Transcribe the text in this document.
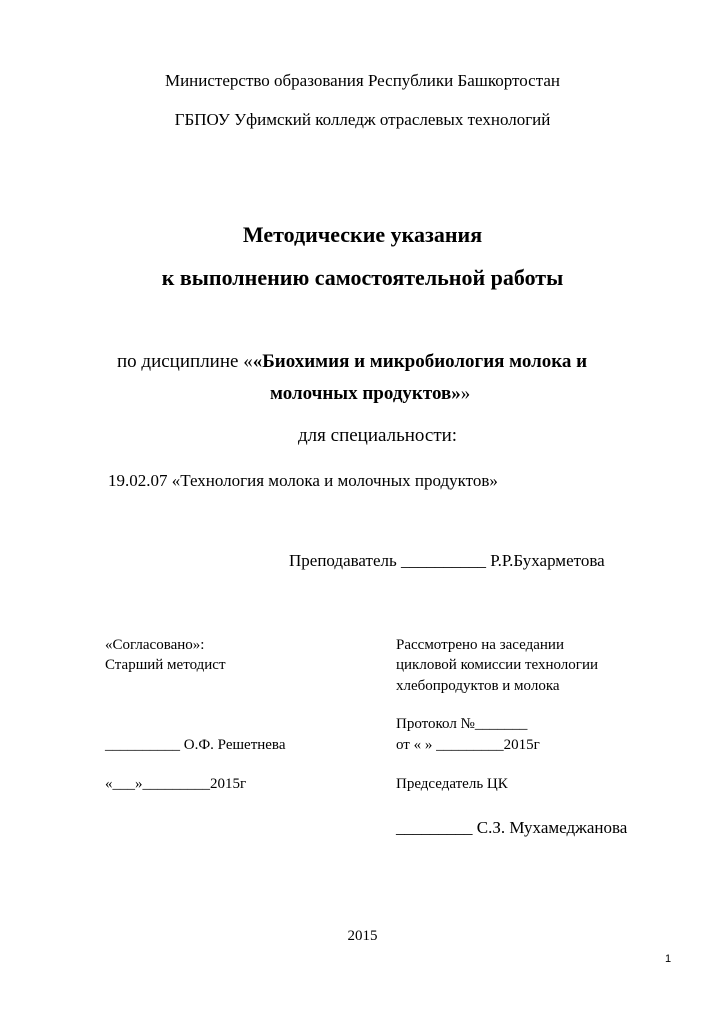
Министерство образования Республики Башкортостан
ГБПОУ Уфимский колледж отраслевых технологий
Методические указания
к выполнению самостоятельной работы
по дисциплине ««Биохимия и микробиология молока и
молочных продуктов»»
для специальности:
19.02.07 «Технология молока и молочных продуктов»
Преподаватель __________ Р.Р.Бухарметова
«Согласовано»:
Старший методист
__________ О.Ф. Решетнева
«___»_________2015г
Рассмотрено на заседании
цикловой комиссии технологии
хлебопродуктов и молока
Протокол №_______
от « » _________2015г
Председатель ЦК
_________ С.З. Мухамеджанова
2015
1
